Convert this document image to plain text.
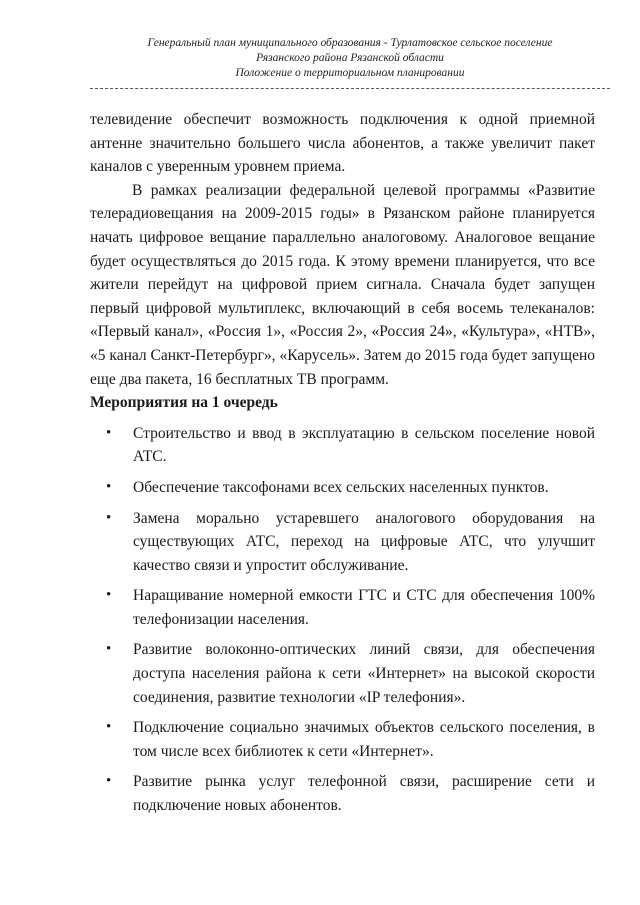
Генеральный план муниципального образования - Турлатовское сельское поселение
Рязанского района Рязанской области
Положение о территориальном планировании

телевидение обеспечит возможность подключения к одной приемной антенне значительно большего числа абонентов, а также увеличит пакет каналов с уверенным уровнем приема.

В рамках реализации федеральной целевой программы «Развитие телерадиовещания на 2009-2015 годы» в Рязанском районе планируется начать цифровое вещание параллельно аналоговому. Аналоговое вещание будет осуществляться до 2015 года. К этому времени планируется, что все жители перейдут на цифровой прием сигнала. Сначала будет запущен первый цифровой мультиплекс, включающий в себя восемь телеканалов: «Первый канал», «Россия 1», «Россия 2», «Россия 24», «Культура», «НТВ», «5 канал Санкт-Петербург», «Карусель». Затем до 2015 года будет запущено еще два пакета, 16 бесплатных ТВ программ.

Мероприятия на 1 очередь

• Строительство и ввод в эксплуатацию в сельском поселение новой АТС.
• Обеспечение таксофонами всех сельских населенных пунктов.
• Замена морально устаревшего аналогового оборудования на существующих АТС, переход на цифровые АТС, что улучшит качество связи и упростит обслуживание.
• Наращивание номерной емкости ГТС и СТС для обеспечения 100% телефонизации населения.
• Развитие волоконно-оптических линий связи, для обеспечения доступа населения района к сети «Интернет» на высокой скорости соединения, развитие технологии «IP телефония».
• Подключение социально значимых объектов сельского поселения, в том числе всех библиотек к сети «Интернет».
• Развитие рынка услуг телефонной связи, расширение сети и подключение новых абонентов.
